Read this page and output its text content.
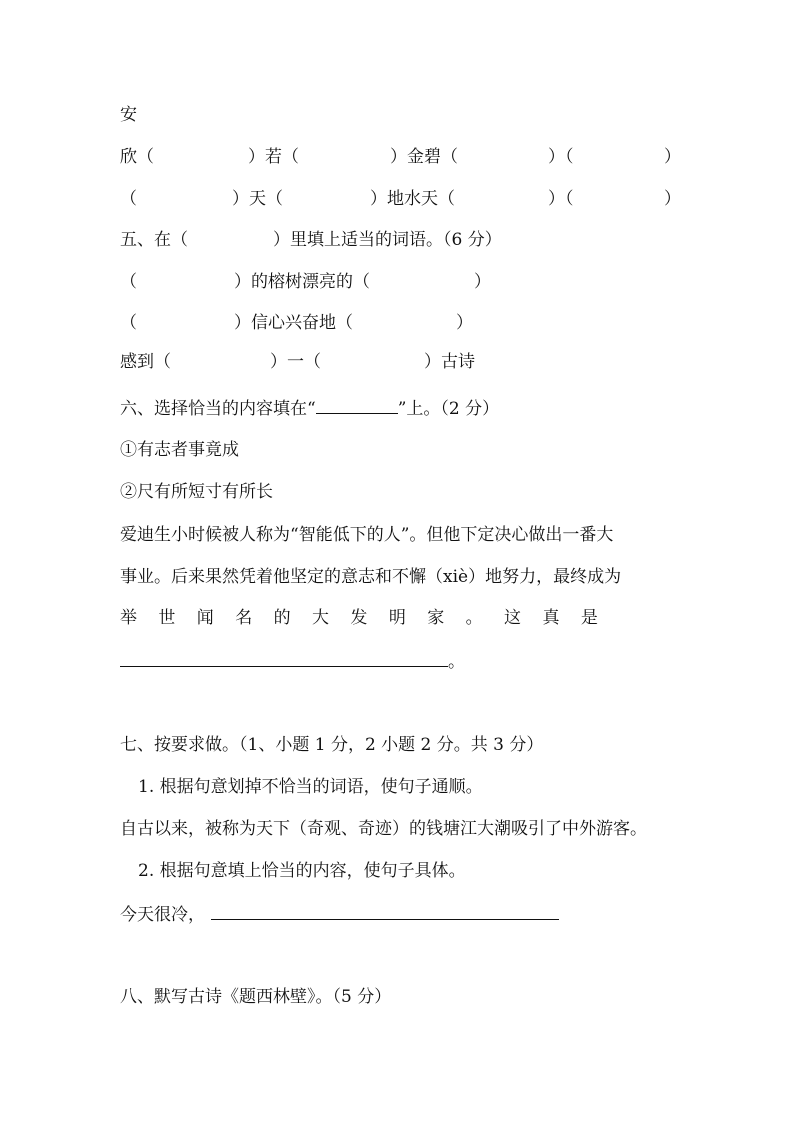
安
欣（	）若（	）金碧（	）（	）
（	）天（	）地水天（	）（	）
五、在（　　　　　）里填上适当的词语。（6 分）
（	）的榕树漂亮的（	）
（	）信心兴奋地（	）
感到（	）一（	）古诗
六、选择恰当的内容填在“	”上。（2 分）
①有志者事竟成
②尺有所短寸有所长
爱迪生小时候被人称为“智能低下的人”。但他下定决心做出一番大
事业。后来果然凭着他坚定的意志和不懈（xiè）地努力，最终成为
举 世 闻 名 的 大 发 明 家 。 这 真 是
。
七、按要求做。（1、小题 1 分，2 小题 2 分。共 3 分）
1. 根据句意划掉不恰当的词语，使句子通顺。
自古以来，被称为天下（奇观、奇迹）的钱塘江大潮吸引了中外游客。
2. 根据句意填上恰当的内容，使句子具体。
今天很冷，
八、默写古诗《题西林壁》。（5 分）
